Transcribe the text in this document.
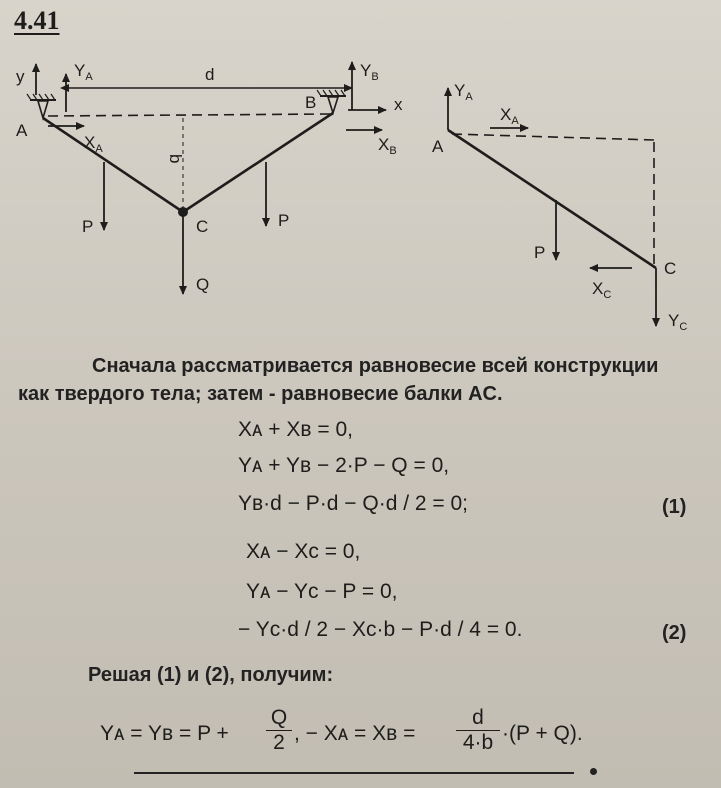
4.41
y	$Y_A$	d	$Y_B$
B	x
A
$X_A$
b
$X_B$
P	C	P
Q
$Y_A$
$X_A$
A
P
C
$X_C$
$Y_C$
Сначала рассматривается равновесие всей конструкции
как твердого тела; затем - равновесие балки AC.
Xᴀ + Xв = 0,
Yᴀ + Yв − 2·P − Q = 0,
Yв·d − P·d − Q·d / 2 = 0;	(1)
Xᴀ − Xс = 0,
Yᴀ − Yс − P = 0,
− Yс·d / 2 − Xс·b − P·d / 4 = 0.	(2)
Решая (1) и (2), получим:
Yᴀ = Yв = $P + \frac{Q}{2}$ , − Xᴀ = Xв = $\frac{d}{4\cdot b} \cdot(P + Q)$.
